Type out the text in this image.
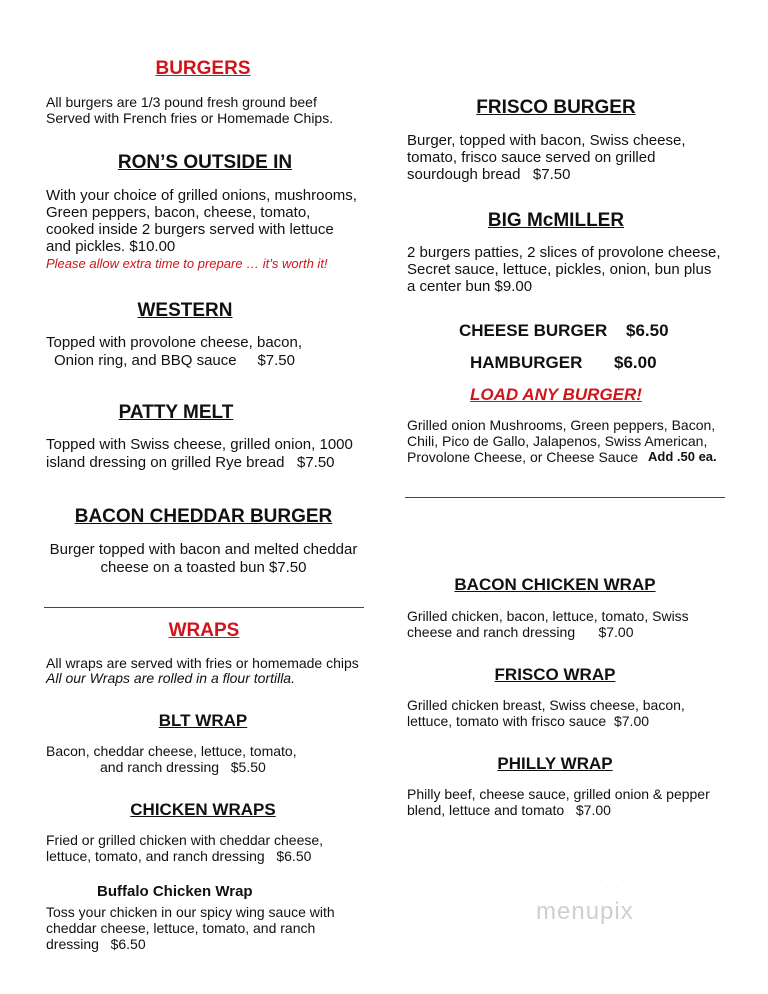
BURGERS
All burgers are 1/3 pound fresh ground beef
Served with French fries or Homemade Chips.
RON’S OUTSIDE IN
With your choice of grilled onions, mushrooms,
Green peppers, bacon, cheese, tomato,
cooked inside 2 burgers served with lettuce
and pickles. $10.00
Please allow extra time to prepare … it’s worth it!
WESTERN
Topped with provolone cheese, bacon,
Onion ring, and BBQ sauce     $7.50
PATTY MELT
Topped with Swiss cheese, grilled onion, 1000
island dressing on grilled Rye bread   $7.50
BACON CHEDDAR BURGER
Burger topped with bacon and melted cheddar
cheese on a toasted bun $7.50
WRAPS
All wraps are served with fries or homemade chips
All our Wraps are rolled in a flour tortilla.
BLT WRAP
Bacon, cheddar cheese, lettuce, tomato,
and ranch dressing   $5.50
CHICKEN WRAPS
Fried or grilled chicken with cheddar cheese,
lettuce, tomato, and ranch dressing   $6.50
Buffalo Chicken Wrap
Toss your chicken in our spicy wing sauce with
cheddar cheese, lettuce, tomato, and ranch
dressing   $6.50
FRISCO BURGER
Burger, topped with bacon, Swiss cheese,
tomato, frisco sauce served on grilled
sourdough bread   $7.50
BIG McMILLER
2 burgers patties, 2 slices of provolone cheese,
Secret sauce, lettuce, pickles, onion, bun plus
a center bun $9.00
CHEESE BURGER $6.50
HAMBURGER $6.00
LOAD ANY BURGER!
Grilled onion Mushrooms, Green peppers, Bacon,
Chili, Pico de Gallo, Jalapenos, Swiss American,
Provolone Cheese, or Cheese Sauce Add .50 ea.
BACON CHICKEN WRAP
Grilled chicken, bacon, lettuce, tomato, Swiss
cheese and ranch dressing      $7.00
FRISCO WRAP
Grilled chicken breast, Swiss cheese, bacon,
lettuce, tomato with frisco sauce  $7.00
PHILLY WRAP
Philly beef, cheese sauce, grilled onion & pepper
blend, lettuce and tomato   $7.00
· · · · · · · · · · · · ·
menupix
